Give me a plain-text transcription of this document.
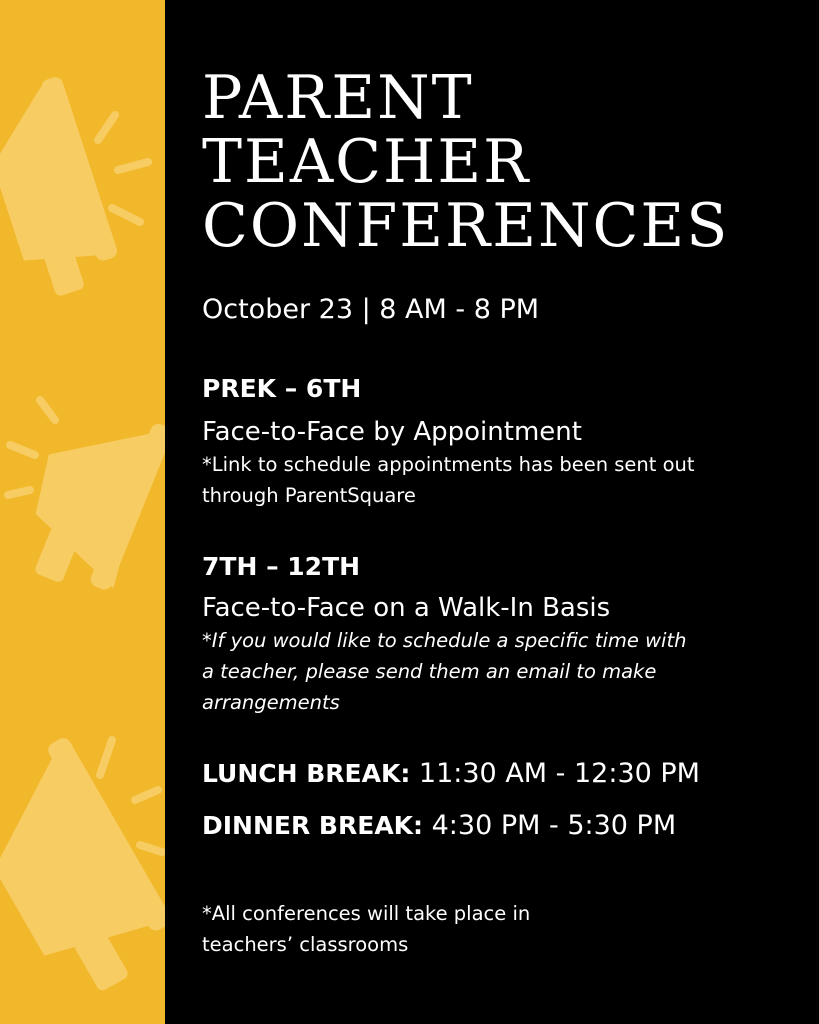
PARENT
TEACHER
CONFERENCES
October 23 | 8 AM - 8 PM
PREK – 6TH
Face-to-Face by Appointment
*Link to schedule appointments has been sent out
through ParentSquare
7TH – 12TH
Face-to-Face on a Walk-In Basis
*If you would like to schedule a specific time with
a teacher, please send them an email to make
arrangements
LUNCH BREAK: 11:30 AM - 12:30 PM
DINNER BREAK: 4:30 PM - 5:30 PM
*All conferences will take place in
teachers’ classrooms
